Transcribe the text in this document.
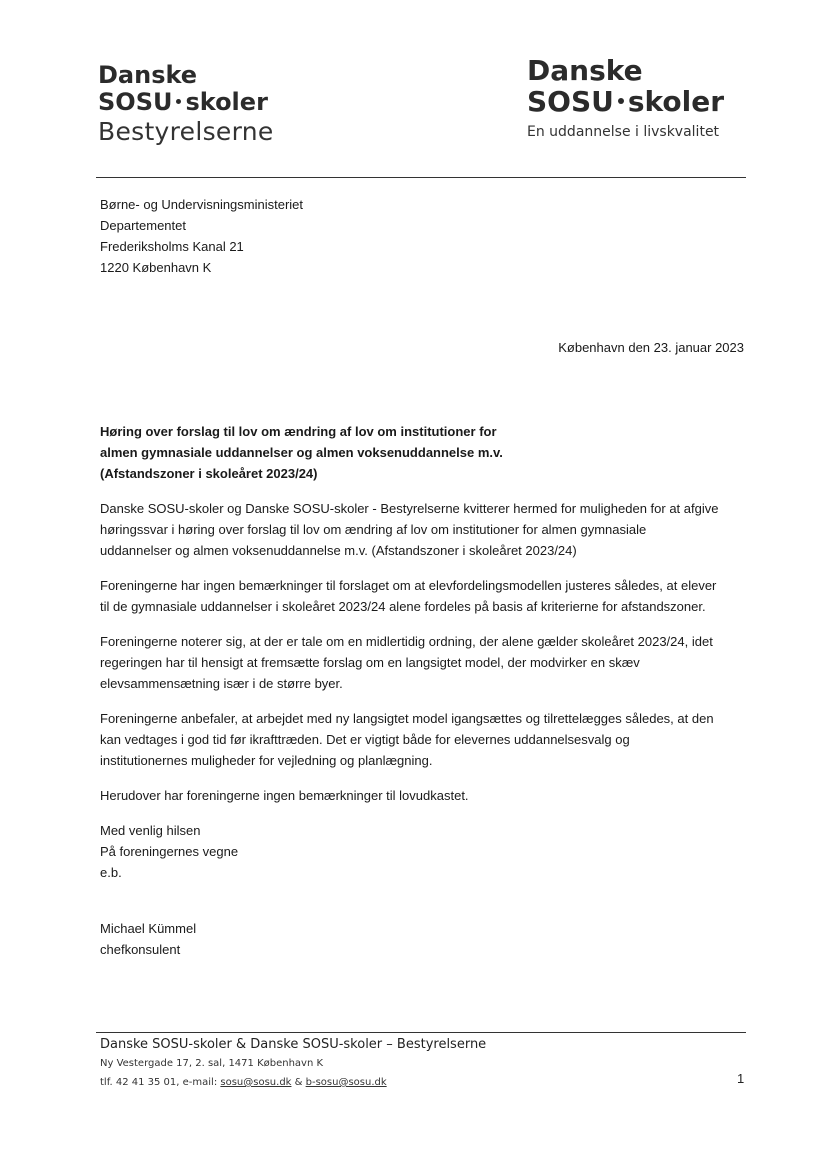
Danske
SOSU skoler
Bestyrelserne
Danske
SOSU skoler
En uddannelse i livskvalitet
Børne- og Undervisningsministeriet
Departementet
Frederiksholms Kanal 21
1220 København K
København den 23. januar 2023
Høring over forslag til lov om ændring af lov om institutioner for
almen gymnasiale uddannelser og almen voksenuddannelse m.v.
(Afstandszoner i skoleåret 2023/24)
Danske SOSU-skoler og Danske SOSU-skoler - Bestyrelserne kvitterer hermed for muligheden for at afgive
høringssvar i høring over forslag til lov om ændring af lov om institutioner for almen gymnasiale
uddannelser og almen voksenuddannelse m.v. (Afstandszoner i skoleåret 2023/24)
Foreningerne har ingen bemærkninger til forslaget om at elevfordelingsmodellen justeres således, at elever
til de gymnasiale uddannelser i skoleåret 2023/24 alene fordeles på basis af kriterierne for afstandszoner.
Foreningerne noterer sig, at der er tale om en midlertidig ordning, der alene gælder skoleåret 2023/24, idet
regeringen har til hensigt at fremsætte forslag om en langsigtet model, der modvirker en skæv
elevsammensætning især i de større byer.
Foreningerne anbefaler, at arbejdet med ny langsigtet model igangsættes og tilrettelægges således, at den
kan vedtages i god tid før ikrafttræden. Det er vigtigt både for elevernes uddannelsesvalg og
institutionernes muligheder for vejledning og planlægning.
Herudover har foreningerne ingen bemærkninger til lovudkastet.
Med venlig hilsen
På foreningernes vegne
e.b.
Michael Kümmel
chefkonsulent
Danske SOSU-skoler & Danske SOSU-skoler – Bestyrelserne
Ny Vestergade 17, 2. sal, 1471 København K
tlf. 42 41 35 01, e-mail: sosu@sosu.dk & b-sosu@sosu.dk	1
